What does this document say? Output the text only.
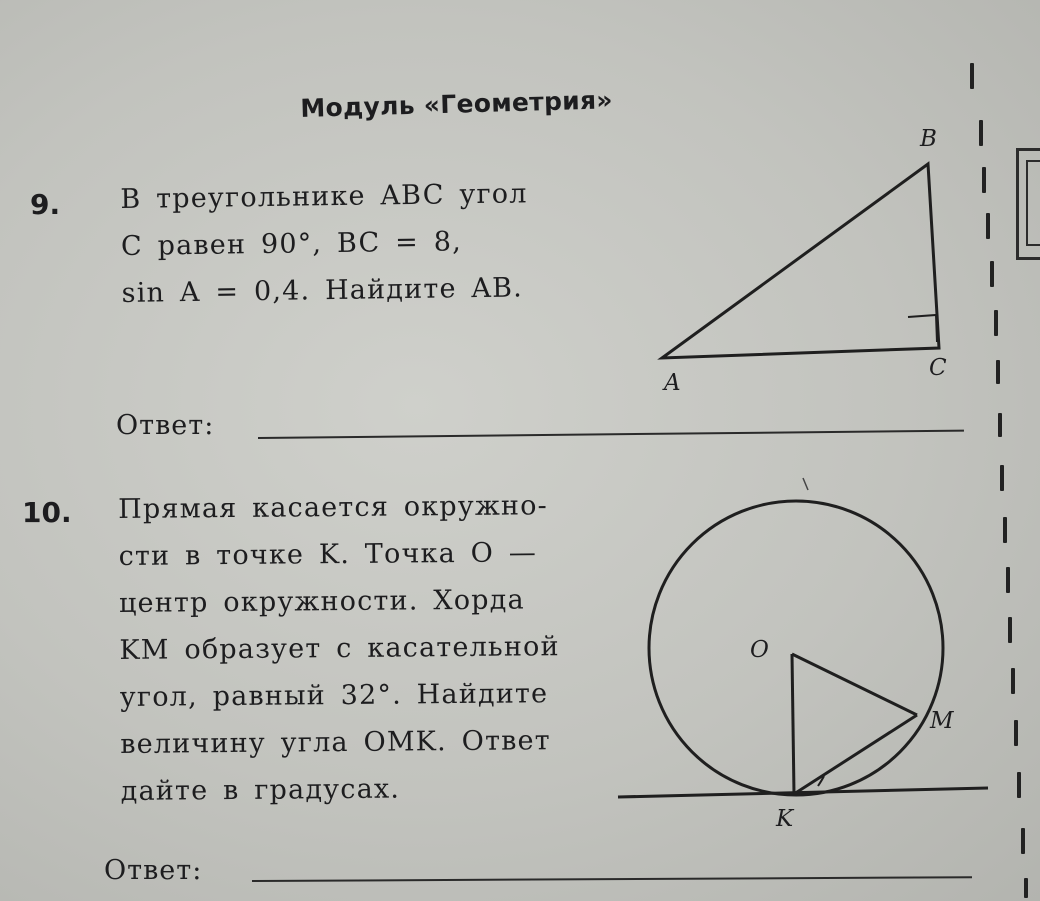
Модуль «Геометрия»
9. В треугольнике ABC угол
C равен 90°, BC = 8,
sin A = 0,4. Найдите AB.
Ответ:
B
A
C
10. Прямая касается окружно-
сти в точке K. Точка O —
центр окружности. Хорда
KM образует с касательной
угол, равный 32°. Найдите
величину угла OMK. Ответ
дайте в градусах.
Ответ:
O
M
K
